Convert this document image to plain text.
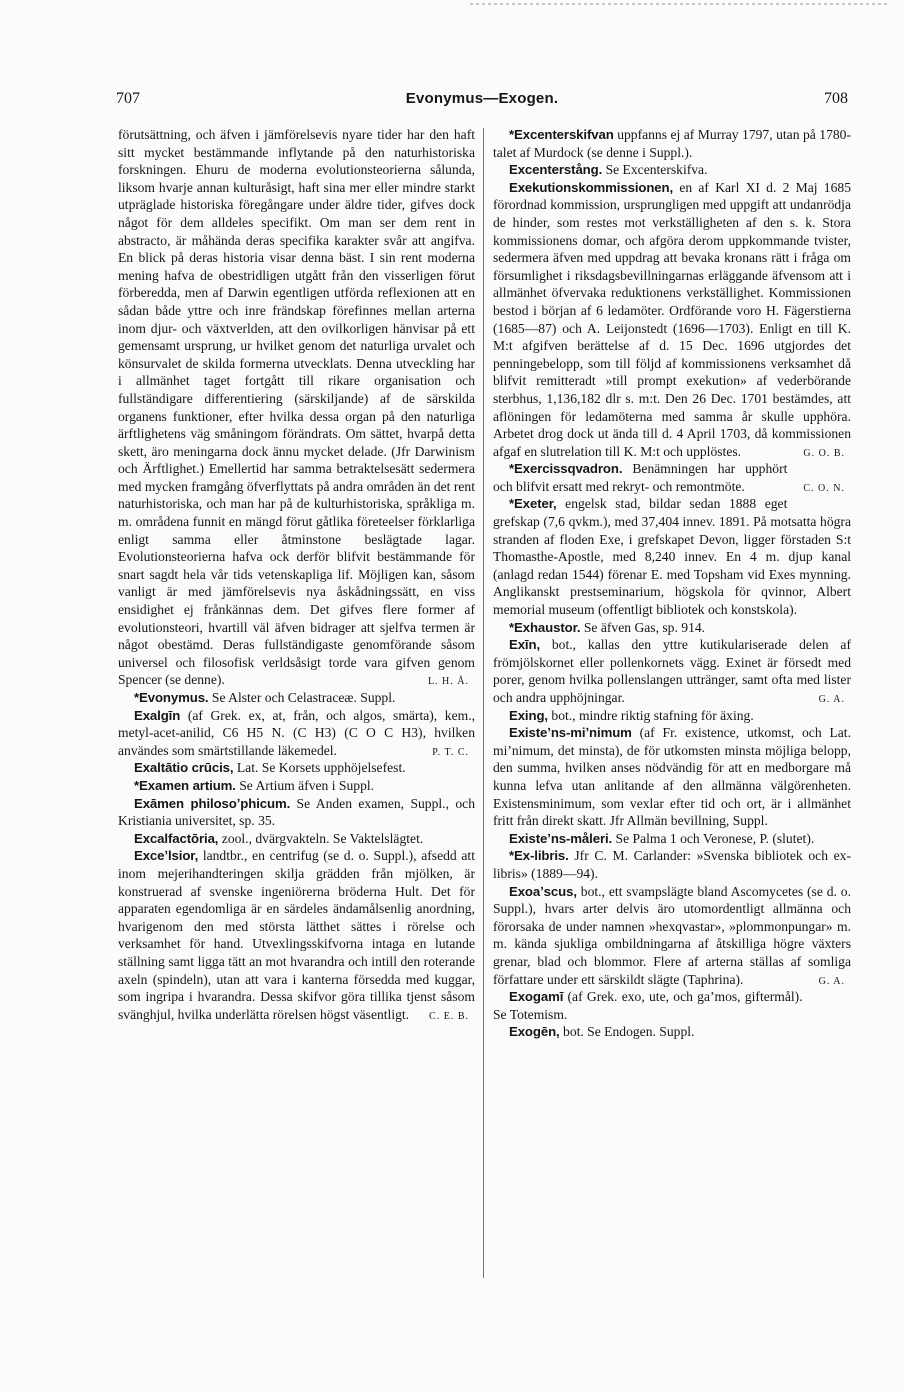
707	Evonymus—Exogen.	708

förutsättning, och äfven i jämförelsevis nyare tider har den haft sitt mycket bestämmande inflytande på den naturhistoriska forskningen. Ehuru de moderna evolutionsteorierna sålunda, liksom hvarje annan kulturåsigt, haft sina mer eller mindre starkt utpräglade historiska föregångare under äldre tider, gifves dock något för dem alldeles specifikt. Om man ser dem rent in abstracto, är måhända deras specifika karakter svår att angifva. En blick på deras historia visar denna bäst. I sin rent moderna mening hafva de obestridligen utgått från den visserligen förut förberedda, men af Darwin egentligen utförda reflexionen att en sådan både yttre och inre frändskap förefinnes mellan arterna inom djur- och växtverlden, att den ovilkorligen hänvisar på ett gemensamt ursprung, ur hvilket genom det naturliga urvalet och könsurvalet de skilda formerna utvecklats. Denna utveckling har i allmänhet taget fortgått till rikare organisation och fullständigare differentiering (särskiljande) af de särskilda organens funktioner, efter hvilka dessa organ på den naturliga ärftlighetens väg småningom förändrats. Om sättet, hvarpå detta skett, äro meningarna dock ännu mycket delade. (Jfr Darwinism och Ärftlighet.) Emellertid har samma betraktelsesätt sedermera med mycken framgång öfverflyttats på andra områden än det rent naturhistoriska, och man har på de kulturhistoriska, språkliga m. m. områdena funnit en mängd förut gåtlika företeelser förklarliga enligt samma eller åtminstone beslägtade lagar. Evolutionsteorierna hafva ock derför blifvit bestämmande för snart sagdt hela vår tids vetenskapliga lif. Möjligen kan, såsom vanligt är med jämförelsevis nya åskådningssätt, en viss ensidighet ej frånkännas dem. Det gifves flere former af evolutionsteori, hvartill väl äfven bidrager att sjelfva termen är något obestämd. Deras fullständigaste genomförande såsom universel och filosofisk verldsåsigt torde vara gifven genom Spencer (se denne).	L. H. Å.

*Evonymus. Se Alster och Celastraceæ. Suppl.

Exalgīn (af Grek. ex, at, från, och algos, smärta), kem., metyl-acet-anilid, C6 H5 N. (C H3) (C O C H3), hvilken användes som smärtstillande läkemedel.	P. T. C.

Exaltātio crūcis, Lat. Se Korsets upphöjelsefest.

*Examen artium. Se Artium äfven i Suppl.

Exāmen philosoʼphicum. Se Anden examen, Suppl., och Kristiania universitet, sp. 35.

Excalfactōria, zool., dvärgvakteln. Se Vaktelslägtet.

Exceʼlsior, landtbr., en centrifug (se d. o. Suppl.), afsedd att inom mejerihandteringen skilja grädden från mjölken, är konstruerad af svenske ingeniörerna bröderna Hult. Det för apparaten egendomliga är en särdeles ändamålsenlig anordning, hvarigenom den med största lätthet sättes i rörelse och verksamhet för hand. Utvexlingsskifvorna intaga en lutande ställning samt ligga tätt an mot hvarandra och intill den roterande axeln (spindeln), utan att vara i kanterna försedda med kuggar, som ingripa i hvarandra. Dessa skifvor göra tillika tjenst såsom svänghjul, hvilka underlätta rörelsen högst väsentligt.	C. E. B.

*Excenterskifvan uppfanns ej af Murray 1797, utan på 1780-talet af Murdock (se denne i Suppl.).

Excenterstång. Se Excenterskifva.

Exekutionskommissionen, en af Karl XI d. 2 Maj 1685 förordnad kommission, ursprungligen med uppgift att undanrödja de hinder, som restes mot verkställigheten af den s. k. Stora kommissionens domar, och afgöra derom uppkommande tvister, sedermera äfven med uppdrag att bevaka kronans rätt i fråga om försumlighet i riksdagsbevillningarnas erläggande äfvensom att i allmänhet öfvervaka reduktionens verkställighet. Kommissionen bestod i början af 6 ledamöter. Ordförande voro H. Fägerstierna (1685—87) och A. Leijonstedt (1696—1703). Enligt en till K. M:t afgifven berättelse af d. 15 Dec. 1696 utgjordes det penningebelopp, som till följd af kommissionens verksamhet då blifvit remitteradt »till prompt exekution» af vederbörande sterbhus, 1,136,182 dlr s. m:t. Den 26 Dec. 1701 bestämdes, att aflöningen för ledamöterna med samma år skulle upphöra. Arbetet drog dock ut ända till d. 4 April 1703, då kommissionen afgaf en slutrelation till K. M:t och upplöstes.	G. O. B.

*Exercissqvadron. Benämningen har upphört och blifvit ersatt med rekryt- och remontmöte.	C. O. N.

*Exeter, engelsk stad, bildar sedan 1888 eget grefskap (7,6 qvkm.), med 37,404 innev. 1891. På motsatta högra stranden af floden Exe, i grefskapet Devon, ligger förstaden S:t Thomasthe-Apostle, med 8,240 innev. En 4 m. djup kanal (anlagd redan 1544) förenar E. med Topsham vid Exes mynning. Anglikanskt prestseminarium, högskola för qvinnor, Albert memorial museum (offentligt bibliotek och konstskola).

*Exhaustor. Se äfven Gas, sp. 914.

Exīn, bot., kallas den yttre kutikulariserade delen af frömjölskornet eller pollenkornets vägg. Exinet är försedt med porer, genom hvilka pollenslangen uttränger, samt ofta med lister och andra upphöjningar.	G. A.

Exing, bot., mindre riktig stafning för äxing.

Existeʼns-miʼnimum (af Fr. existence, utkomst, och Lat. miʼnimum, det minsta), de för utkomsten minsta möjliga belopp, den summa, hvilken anses nödvändig för att en medborgare må kunna lefva utan anlitande af den allmänna välgörenheten. Existensminimum, som vexlar efter tid och ort, är i allmänhet fritt från direkt skatt. Jfr Allmän bevillning, Suppl.

Existeʼns-måleri. Se Palma 1 och Veronese, P. (slutet).

*Ex-libris. Jfr C. M. Carlander: »Svenska bibliotek och ex-libris» (1889—94).

Exoaʼscus, bot., ett svampslägte bland Ascomycetes (se d. o. Suppl.), hvars arter delvis äro utomordentligt allmänna och förorsaka de under namnen »hexqvastar», »plommonpungar» m. m. kända sjukliga ombildningarna af åtskilliga högre växters grenar, blad och blommor. Flere af arterna ställas af somliga författare under ett särskildt slägte (Taphrina).	G. A.

Exogamī (af Grek. exo, ute, och gaʼmos, giftermål). Se Totemism.

Exogēn, bot. Se Endogen. Suppl.
